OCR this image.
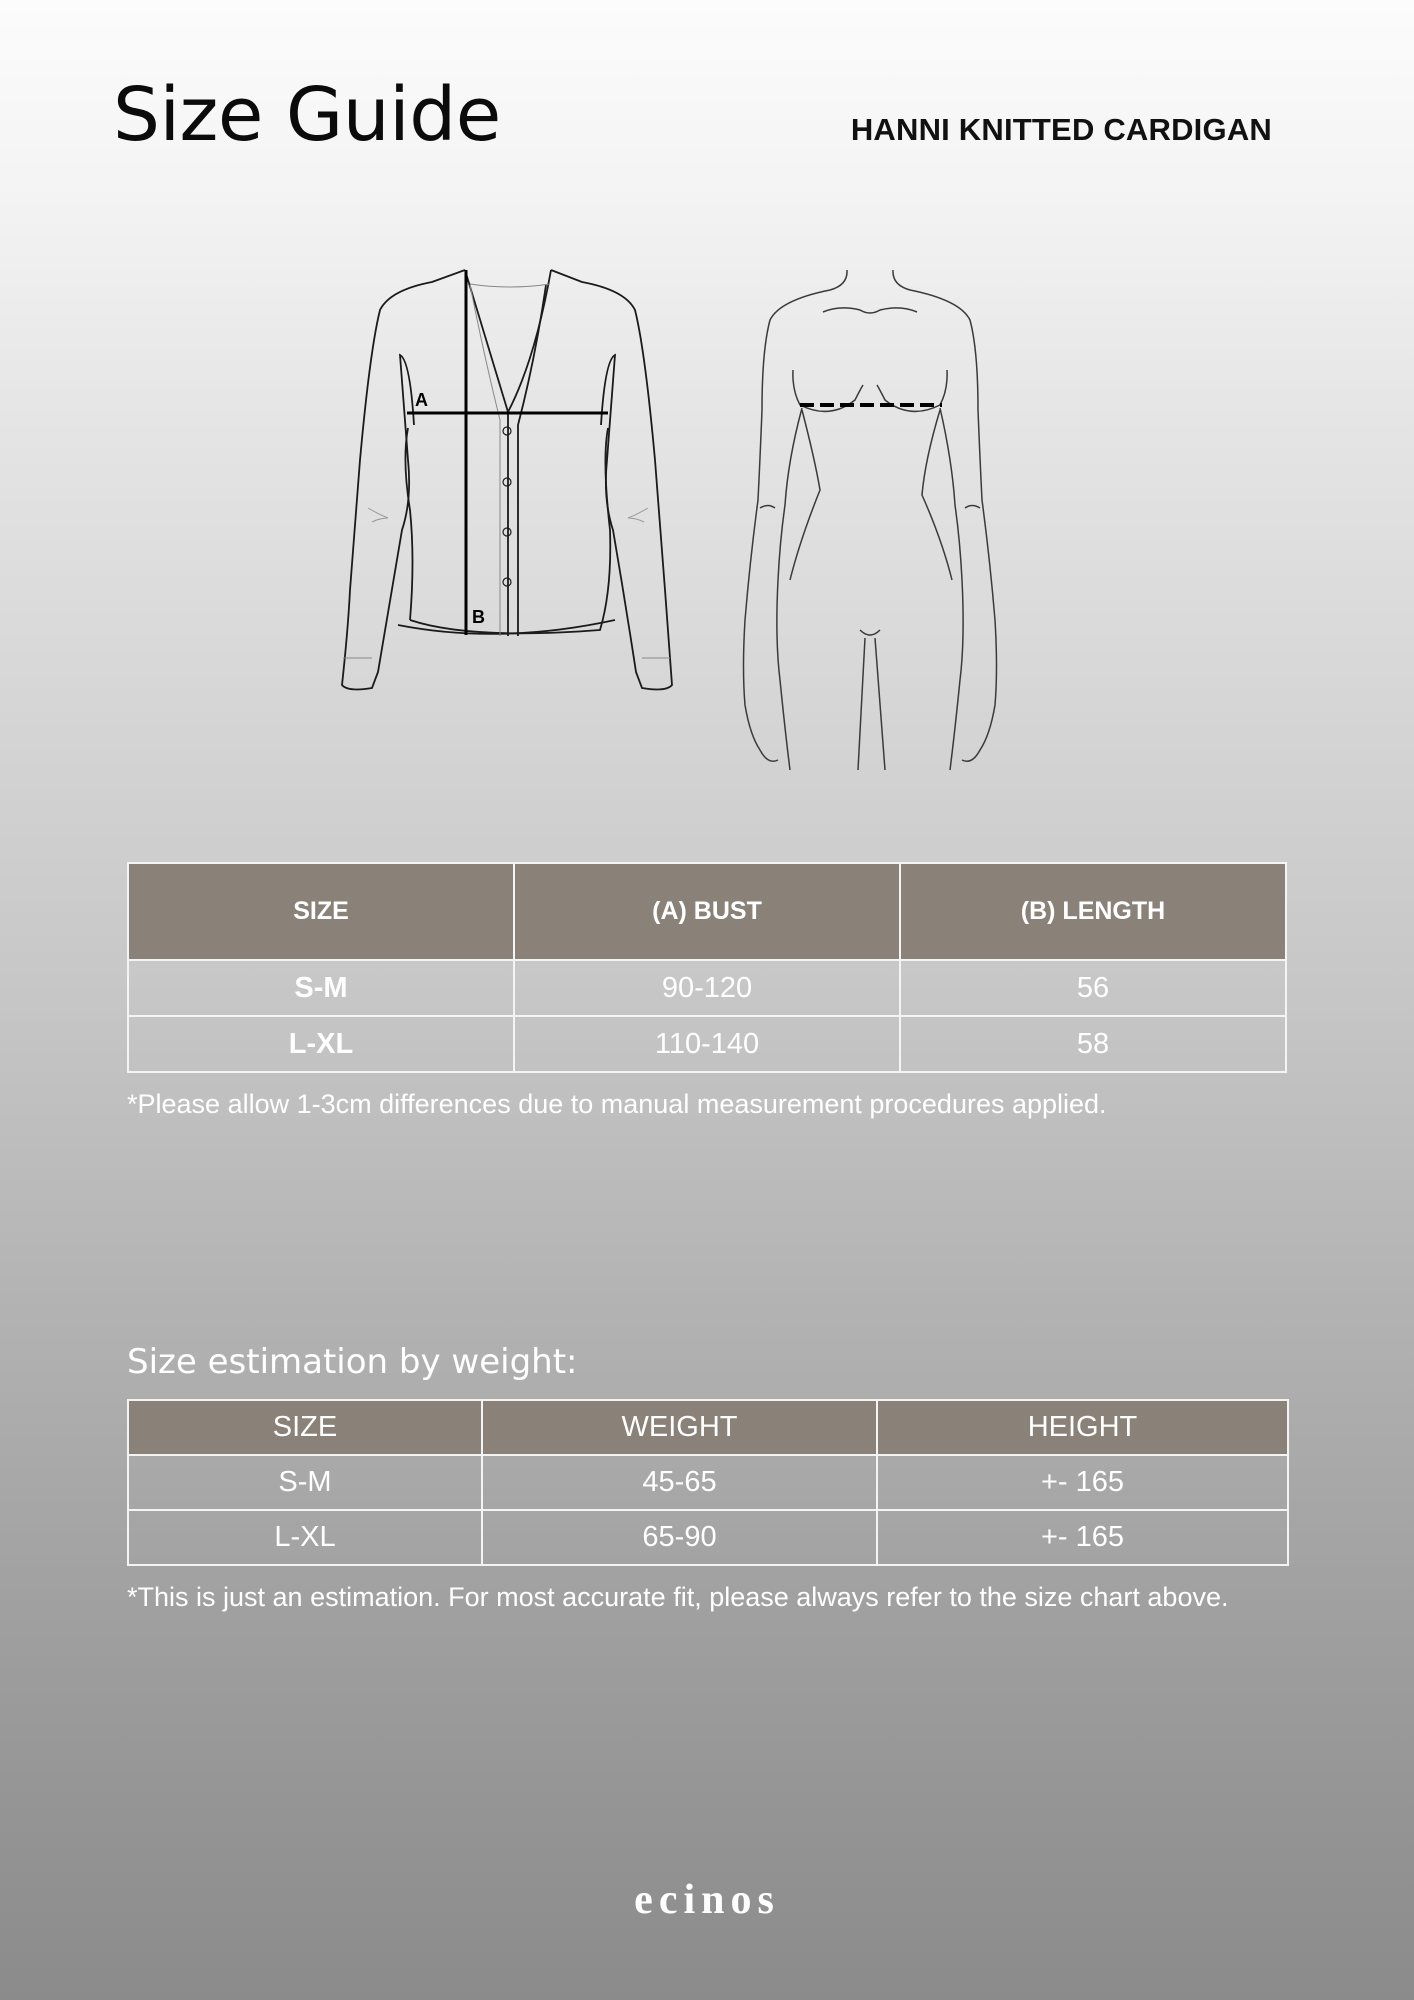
Size Guide	HANNI KNITTED CARDIGAN
A
B
SIZE	(A) BUST	(B) LENGTH
S-M	90-120	56
L-XL	110-140	58
*Please allow 1-3cm differences due to manual measurement procedures applied.
Size estimation by weight:
SIZE	WEIGHT	HEIGHT
S-M	45-65	+- 165
L-XL	65-90	+- 165
*This is just an estimation. For most accurate fit, please always refer to the size chart above.
ecinos
